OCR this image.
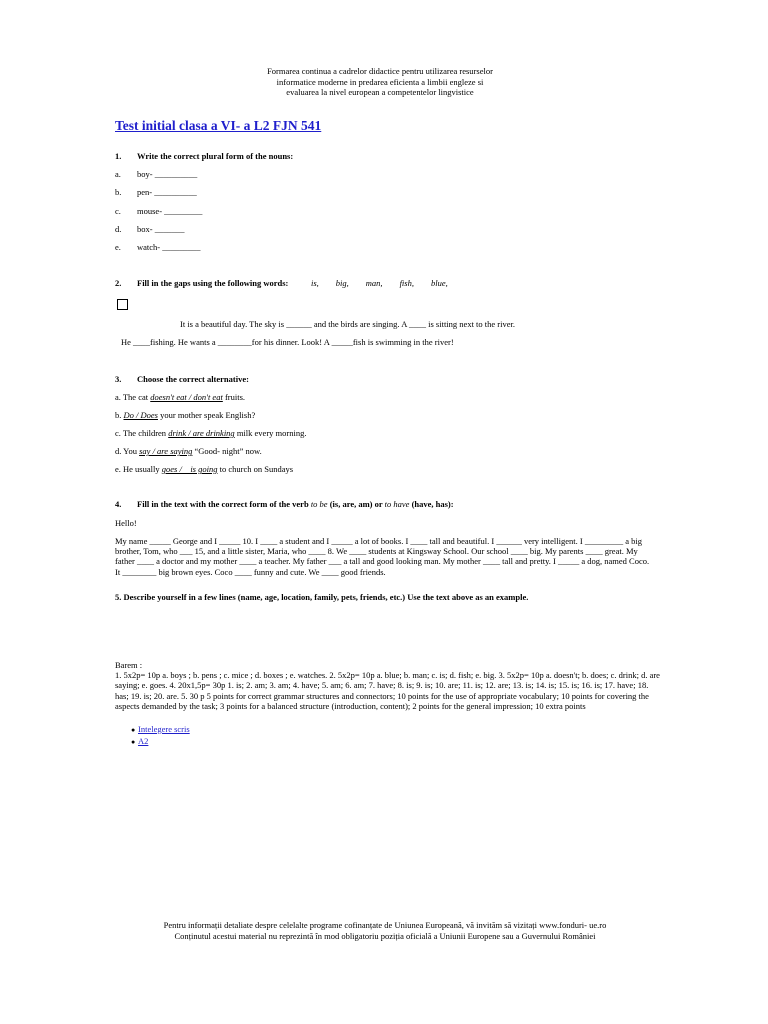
Formarea continua a cadrelor didactice pentru utilizarea resurselor
informatice moderne in predarea eficienta a limbii engleze si
evaluarea la nivel european a competentelor lingvistice
Test initial clasa a VI- a L2 FJN 541
1. Write the correct plural form of the nouns:
a.	boy- __________
b.	pen- __________
c.	mouse- _________
d.	box- _______
e.	watch- _________
2. Fill in the gaps using the following words:	is, big, man, fish, blue,
It is a beautiful day. The sky is ______ and the birds are singing. A ____ is sitting next to the river.
He ____fishing. He wants a ________for his dinner. Look! A _____fish is swimming in the river!
3. Choose the correct alternative:
a. The cat doesn't eat / don't eat fruits.
b. Do / Does your mother speak English?
c. The children drink / are drinking milk every morning.
d. You say / are saying “Good- night” now.
e. He usually goes /    is going to church on Sundays
4. Fill in the text with the correct form of the verb to be (is, are, am) or to have (have, has):
Hello!
My name _____ George and I _____ 10. I ____ a student and I _____ a lot of books. I ____ tall and beautiful. I ______ very intelligent. I _________ a big brother, Tom, who ___ 15, and a little sister, Maria, who ____ 8. We ____ students at Kingsway School. Our school ____ big. My parents ____ great. My father ____ a doctor and my mother ____ a teacher. My father ___ a tall and good looking man. My mother ____ tall and pretty. I _____ a dog, named Coco. It ________ big brown eyes. Coco ____ funny and cute. We ____ good friends.
5. Describe yourself in a few lines (name, age, location, family, pets, friends, etc.) Use the text above as an example.
Barem :
1. 5x2p= 10p a. boys ; b. pens ; c. mice ; d. boxes ; e. watches. 2. 5x2p= 10p a. blue; b. man; c. is; d. fish; e. big. 3. 5x2p= 10p a. doesn't; b. does; c. drink; d. are saying; e. goes. 4. 20x1,5p= 30p 1. is; 2. am; 3. am; 4. have; 5. am; 6. am; 7. have; 8. is; 9. is; 10. are; 11. is; 12. are; 13. is; 14. is; 15. is; 16. is; 17. have; 18. has; 19. is; 20. are. 5. 30 p 5 points for correct grammar structures and connectors; 10 points for the use of appropriate vocabulary; 10 points for covering the aspects demanded by the task; 3 points for a balanced structure (introduction, content); 2 points for the general impression; 10 extra points
● Intelegere scris
● A2
Pentru informații detaliate despre celelalte programe cofinanțate de Uniunea Europeană, vă invităm să vizitați www.fonduri- ue.ro
Conținutul acestui material nu reprezintă în mod obligatoriu poziția oficială a Uniunii Europene sau a Guvernului României
